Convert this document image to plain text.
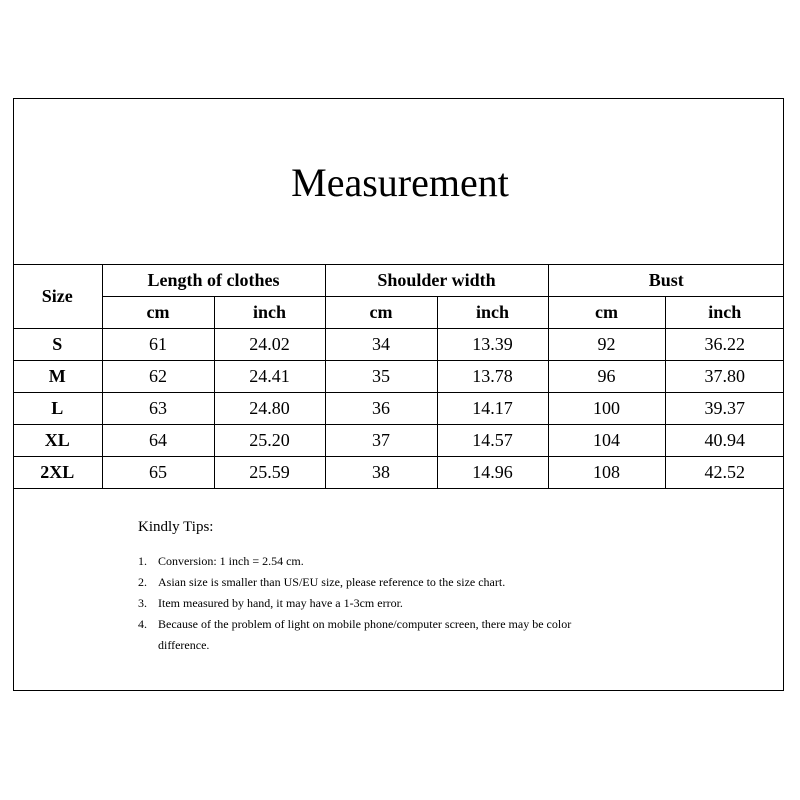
Measurement
Size	Length of clothes		Shoulder width		Bust	
	cm	inch	cm	inch	cm	inch
S	61	24.02	34	13.39	92	36.22
M	62	24.41	35	13.78	96	37.80
L	63	24.80	36	14.17	100	39.37
XL	64	25.20	37	14.57	104	40.94
2XL	65	25.59	38	14.96	108	42.52
Kindly Tips:
1. Conversion: 1 inch = 2.54 cm.
2. Asian size is smaller than US/EU size, please reference to the size chart.
3. Item measured by hand, it may have a 1-3cm error.
4. Because of the problem of light on mobile phone/computer screen, there may be color difference.
